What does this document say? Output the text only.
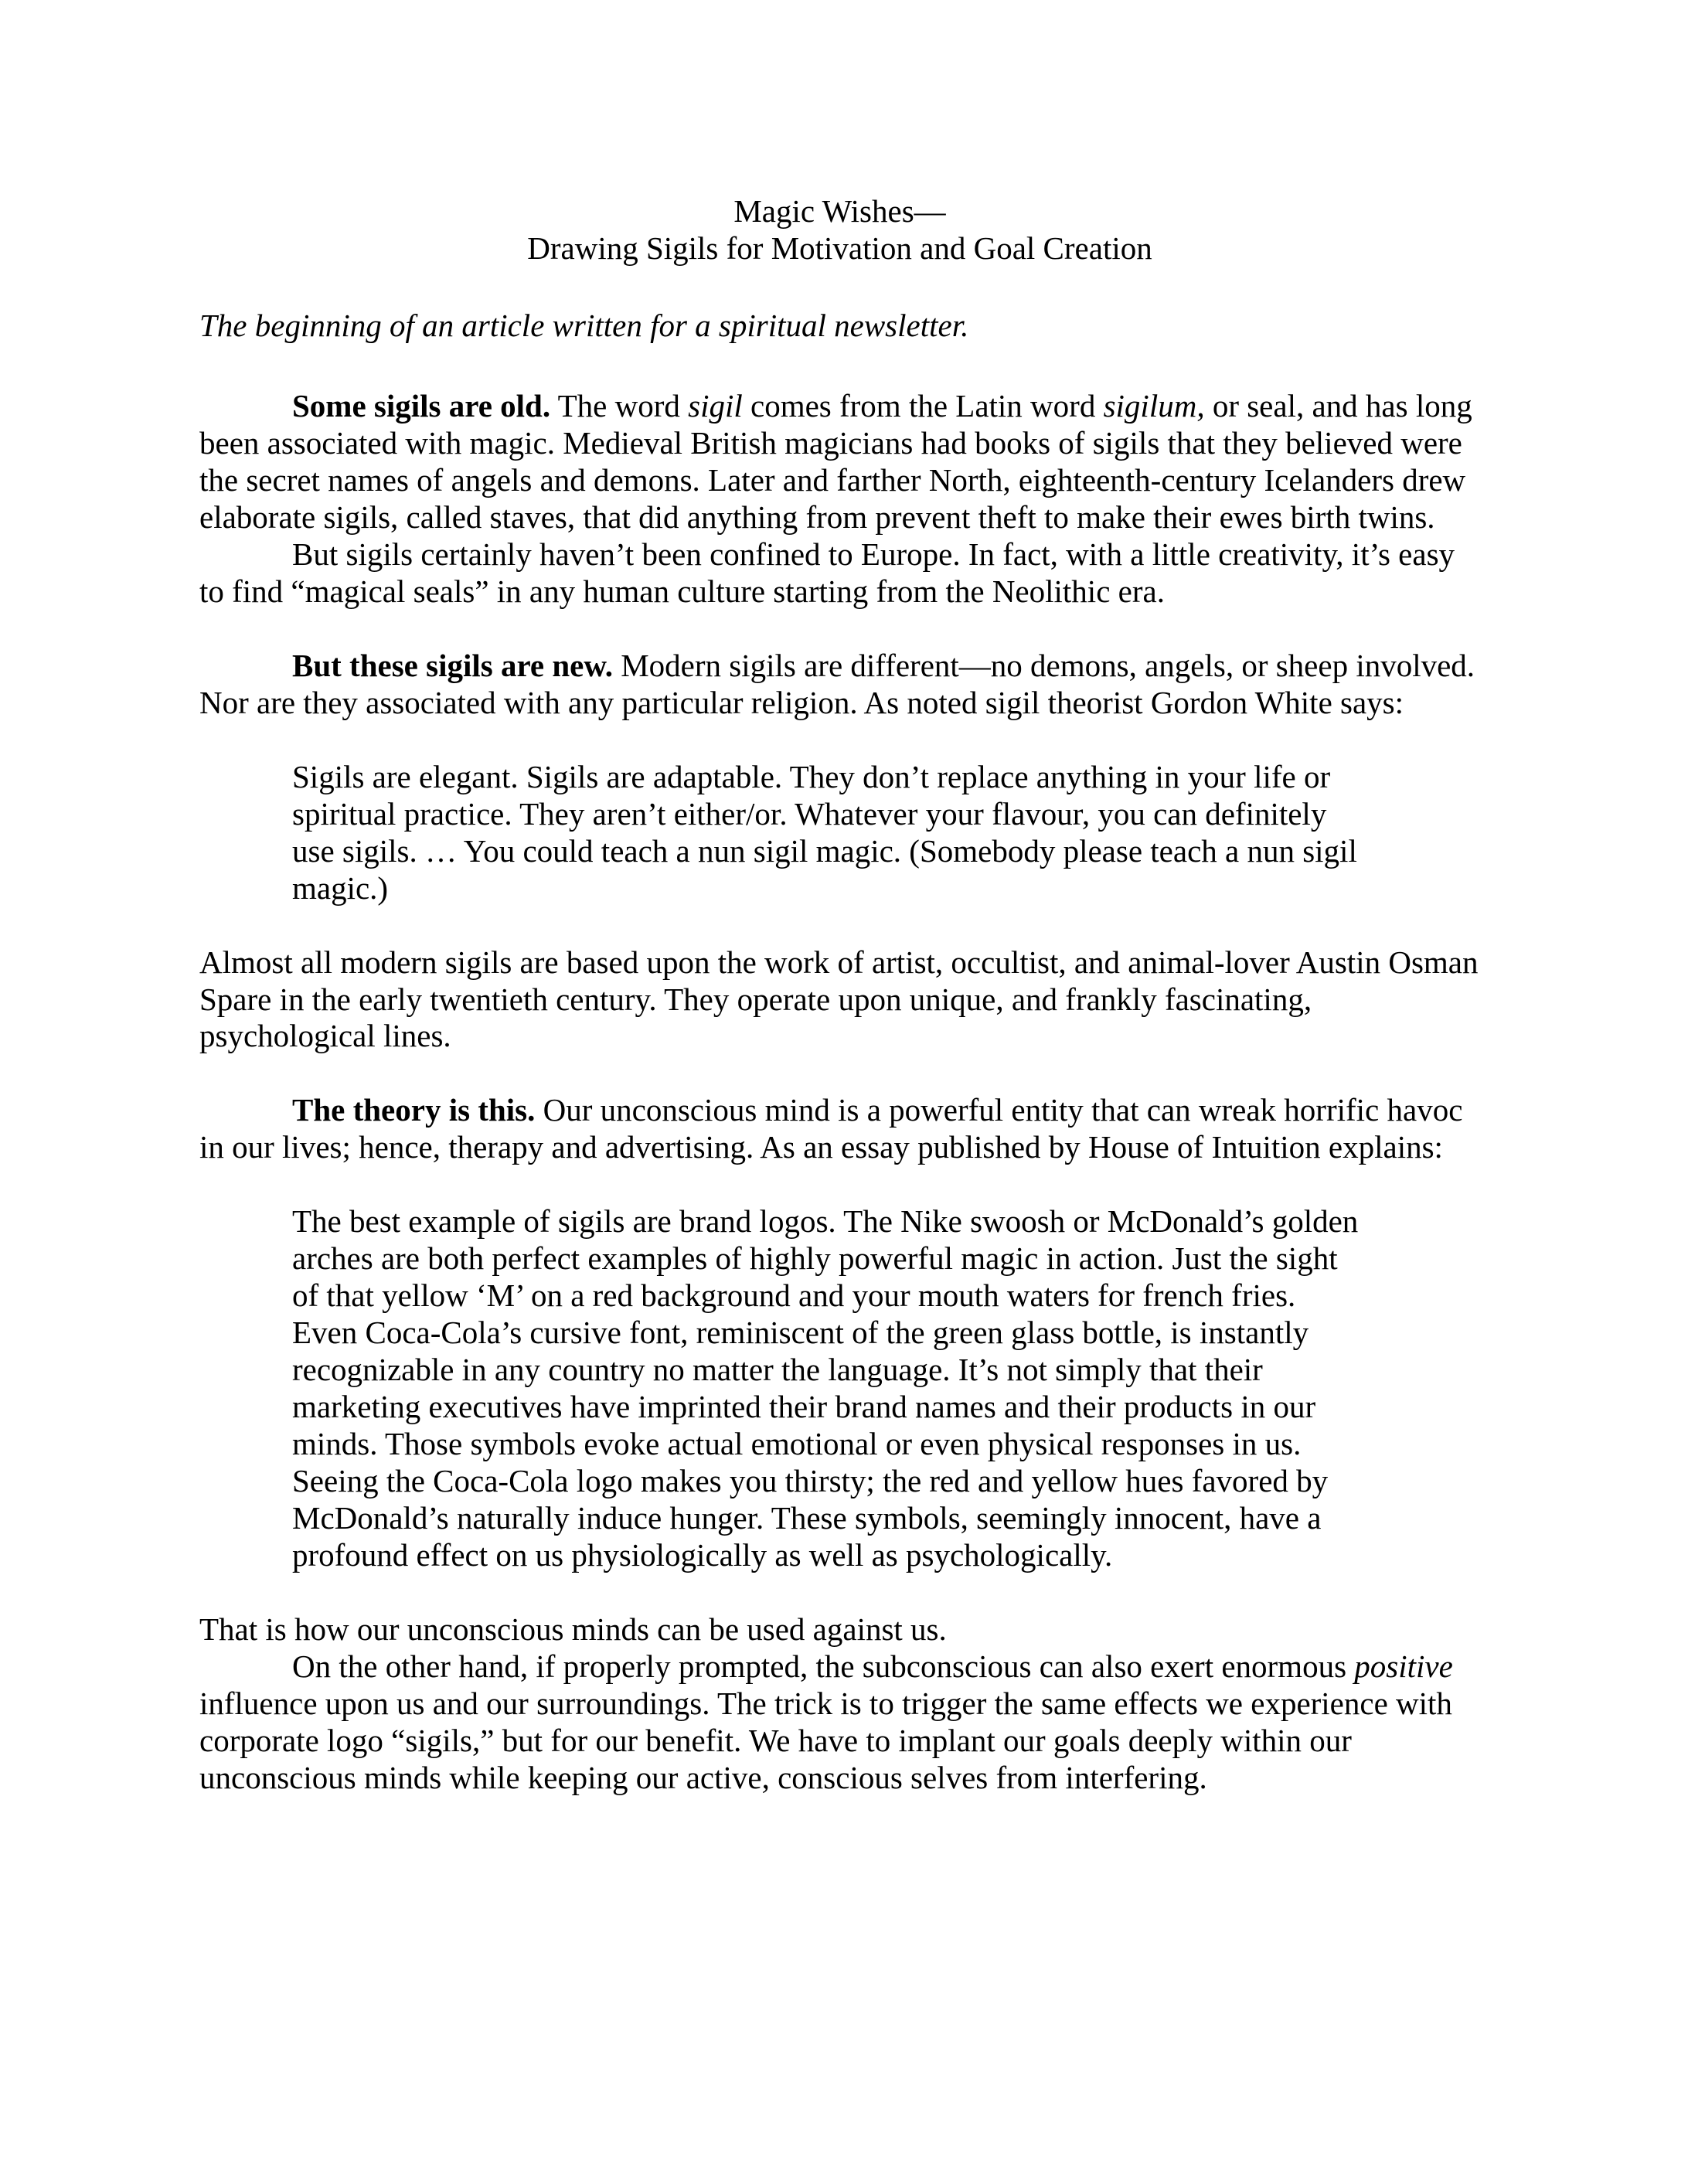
Magic Wishes—
Drawing Sigils for Motivation and Goal Creation

The beginning of an article written for a spiritual newsletter.

Some sigils are old. The word sigil comes from the Latin word sigilum, or seal, and has long been associated with magic. Medieval British magicians had books of sigils that they believed were the secret names of angels and demons. Later and farther North, eighteenth-century Icelanders drew elaborate sigils, called staves, that did anything from prevent theft to make their ewes birth twins.

But sigils certainly haven’t been confined to Europe. In fact, with a little creativity, it’s easy to find “magical seals” in any human culture starting from the Neolithic era.

But these sigils are new. Modern sigils are different—no demons, angels, or sheep involved. Nor are they associated with any particular religion. As noted sigil theorist Gordon White says:

Sigils are elegant. Sigils are adaptable. They don’t replace anything in your life or spiritual practice. They aren’t either/or. Whatever your flavour, you can definitely use sigils. … You could teach a nun sigil magic. (Somebody please teach a nun sigil magic.)

Almost all modern sigils are based upon the work of artist, occultist, and animal-lover Austin Osman Spare in the early twentieth century. They operate upon unique, and frankly fascinating, psychological lines.

The theory is this. Our unconscious mind is a powerful entity that can wreak horrific havoc in our lives; hence, therapy and advertising. As an essay published by House of Intuition explains:

The best example of sigils are brand logos. The Nike swoosh or McDonald’s golden arches are both perfect examples of highly powerful magic in action. Just the sight of that yellow ‘M’ on a red background and your mouth waters for french fries. Even Coca-Cola’s cursive font, reminiscent of the green glass bottle, is instantly recognizable in any country no matter the language. It’s not simply that their marketing executives have imprinted their brand names and their products in our minds. Those symbols evoke actual emotional or even physical responses in us. Seeing the Coca-Cola logo makes you thirsty; the red and yellow hues favored by McDonald’s naturally induce hunger. These symbols, seemingly innocent, have a profound effect on us physiologically as well as psychologically.

That is how our unconscious minds can be used against us.

On the other hand, if properly prompted, the subconscious can also exert enormous positive influence upon us and our surroundings. The trick is to trigger the same effects we experience with corporate logo “sigils,” but for our benefit. We have to implant our goals deeply within our unconscious minds while keeping our active, conscious selves from interfering.
